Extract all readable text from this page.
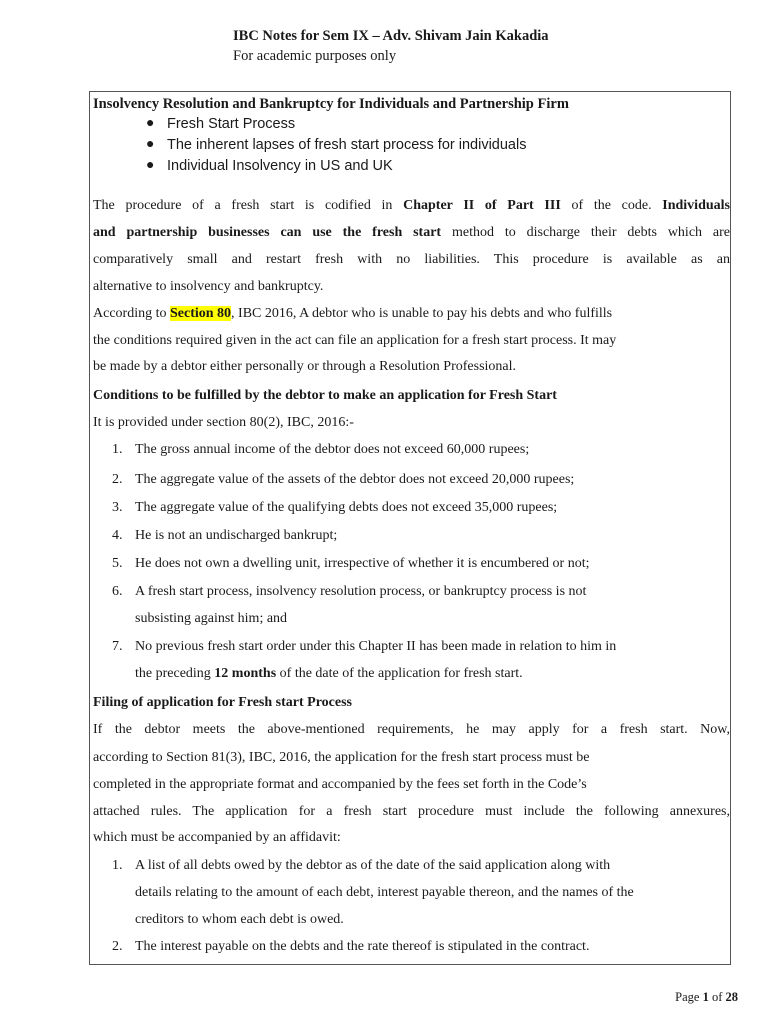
IBC Notes for Sem IX – Adv. Shivam Jain Kakadia
For academic purposes only
Insolvency Resolution and Bankruptcy for Individuals and Partnership Firm
● Fresh Start Process
● The inherent lapses of fresh start process for individuals
● Individual Insolvency in US and UK
The procedure of a fresh start is codified in Chapter II of Part III of the code. Individuals
and partnership businesses can use the fresh start method to discharge their debts which are
comparatively small and restart fresh with no liabilities. This procedure is available as an
alternative to insolvency and bankruptcy.
According to Section 80, IBC 2016, A debtor who is unable to pay his debts and who fulfills
the conditions required given in the act can file an application for a fresh start process. It may
be made by a debtor either personally or through a Resolution Professional.
Conditions to be fulfilled by the debtor to make an application for Fresh Start
It is provided under section 80(2), IBC, 2016:-
1. The gross annual income of the debtor does not exceed 60,000 rupees;
2. The aggregate value of the assets of the debtor does not exceed 20,000 rupees;
3. The aggregate value of the qualifying debts does not exceed 35,000 rupees;
4. He is not an undischarged bankrupt;
5. He does not own a dwelling unit, irrespective of whether it is encumbered or not;
6. A fresh start process, insolvency resolution process, or bankruptcy process is not
subsisting against him; and
7. No previous fresh start order under this Chapter II has been made in relation to him in
the preceding 12 months of the date of the application for fresh start.
Filing of application for Fresh start Process
If the debtor meets the above-mentioned requirements, he may apply for a fresh start. Now,
according to Section 81(3), IBC, 2016, the application for the fresh start process must be
completed in the appropriate format and accompanied by the fees set forth in the Code’s
attached rules. The application for a fresh start procedure must include the following annexures,
which must be accompanied by an affidavit:
1. A list of all debts owed by the debtor as of the date of the said application along with
details relating to the amount of each debt, interest payable thereon, and the names of the
creditors to whom each debt is owed.
2. The interest payable on the debts and the rate thereof is stipulated in the contract.
Page 1 of 28
